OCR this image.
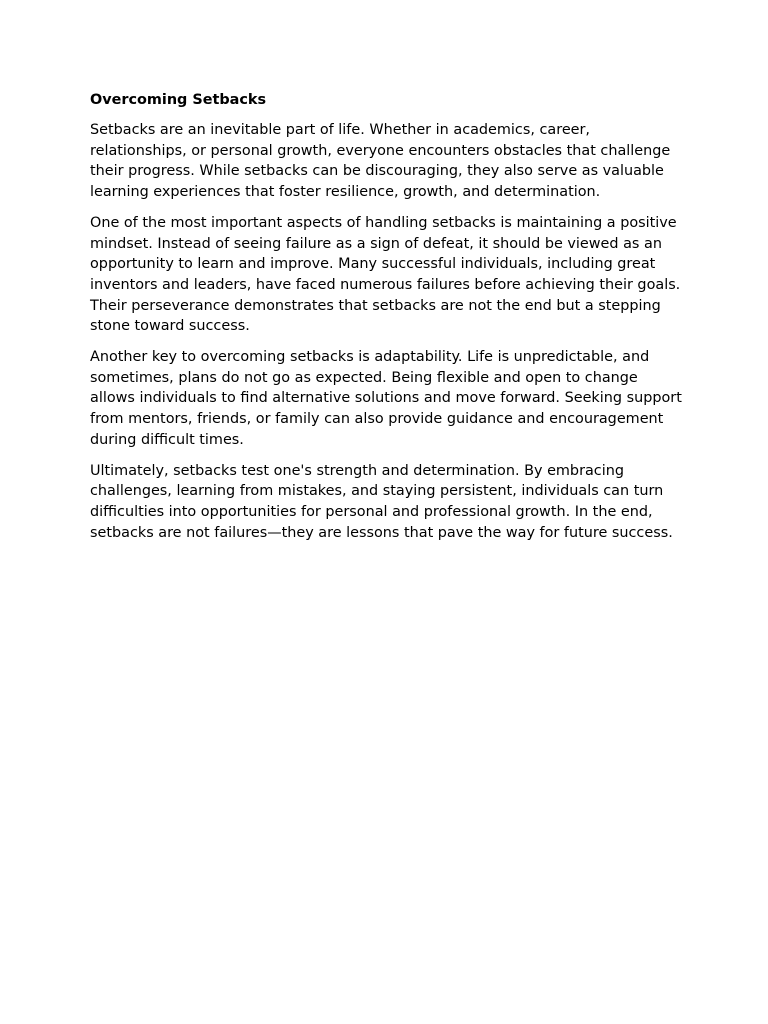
Overcoming Setbacks

Setbacks are an inevitable part of life. Whether in academics, career, relationships, or personal growth, everyone encounters obstacles that challenge their progress. While setbacks can be discouraging, they also serve as valuable learning experiences that foster resilience, growth, and determination.

One of the most important aspects of handling setbacks is maintaining a positive mindset. Instead of seeing failure as a sign of defeat, it should be viewed as an opportunity to learn and improve. Many successful individuals, including great inventors and leaders, have faced numerous failures before achieving their goals. Their perseverance demonstrates that setbacks are not the end but a stepping stone toward success.

Another key to overcoming setbacks is adaptability. Life is unpredictable, and sometimes, plans do not go as expected. Being flexible and open to change allows individuals to find alternative solutions and move forward. Seeking support from mentors, friends, or family can also provide guidance and encouragement during difficult times.

Ultimately, setbacks test one's strength and determination. By embracing challenges, learning from mistakes, and staying persistent, individuals can turn difficulties into opportunities for personal and professional growth. In the end, setbacks are not failures—they are lessons that pave the way for future success.
